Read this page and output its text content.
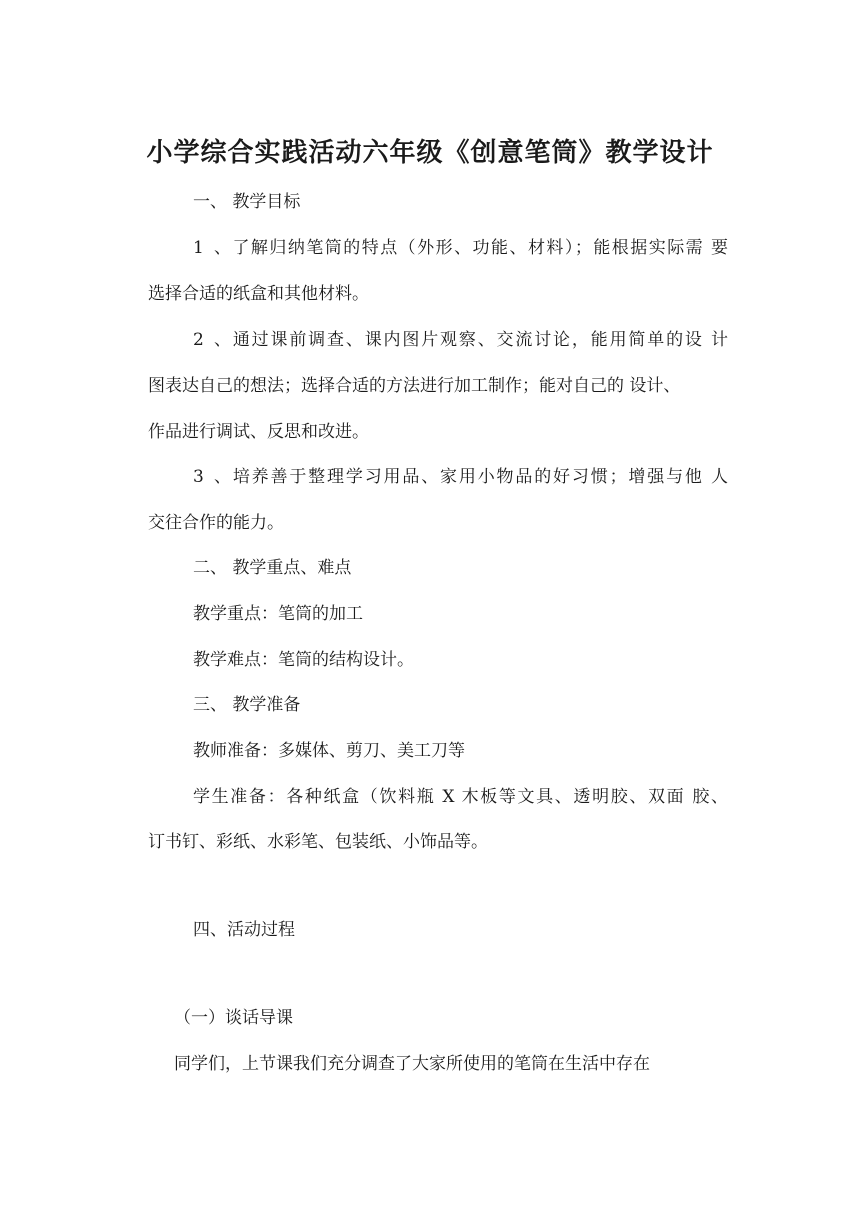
小学综合实践活动六年级《创意笔筒》教学设计
一、 教学目标
1、了解归纳笔筒的特点（外形、功能、材料）；能根据实际需 要
选择合适的纸盒和其他材料。
2、通过课前调查、课内图片观察、交流讨论，能用简单的设 计
图表达自己的想法；选择合适的方法进行加工制作；能对自己的 设计、
作品进行调试、反思和改进。
3、培养善于整理学习用品、家用小物品的好习惯；增强与他 人
交往合作的能力。
二、 教学重点、难点
教学重点：笔筒的加工
教学难点：笔筒的结构设计。
三、 教学准备
教师准备：多媒体、剪刀、美工刀等
学生准备：各种纸盒（饮料瓶 X 木板等文具、透明胶、双面 胶、
订书钉、彩纸、水彩笔、包装纸、小饰品等。
四、活动过程
（一）谈话导课
同学们，上节课我们充分调查了大家所使用的笔筒在生活中存在
